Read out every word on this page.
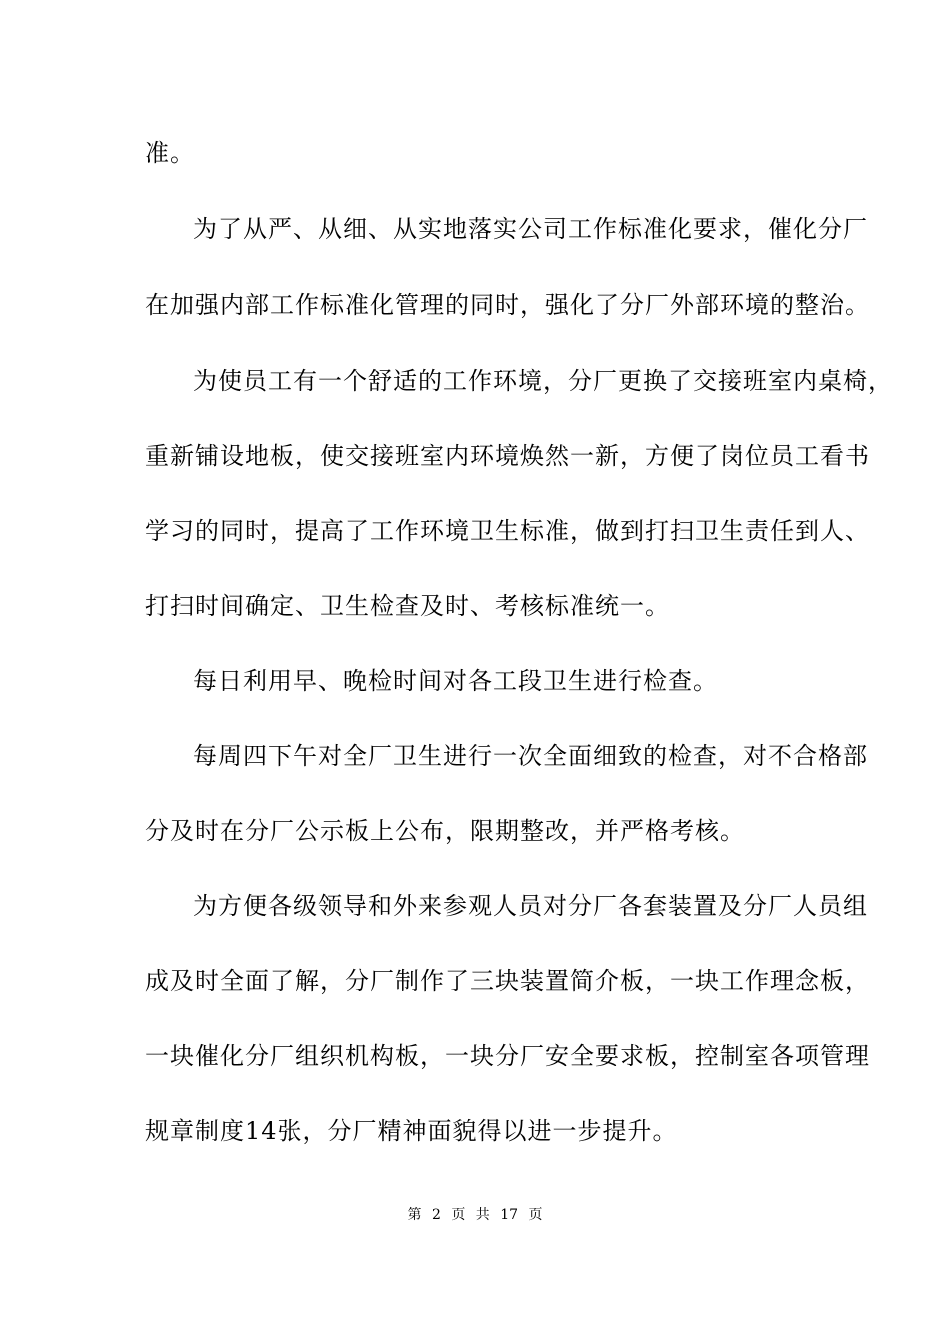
准。
为了从严、从细、从实地落实公司工作标准化要求，催化分厂
在加强内部工作标准化管理的同时，强化了分厂外部环境的整治。
为使员工有一个舒适的工作环境，分厂更换了交接班室内桌椅，
重新铺设地板，使交接班室内环境焕然一新，方便了岗位员工看书
学习的同时，提高了工作环境卫生标准，做到打扫卫生责任到人、
打扫时间确定、卫生检查及时、考核标准统一。
每日利用早、晚检时间对各工段卫生进行检查。
每周四下午对全厂卫生进行一次全面细致的检查，对不合格部
分及时在分厂公示板上公布，限期整改，并严格考核。
为方便各级领导和外来参观人员对分厂各套装置及分厂人员组
成及时全面了解，分厂制作了三块装置简介板，一块工作理念板，
一块催化分厂组织机构板，一块分厂安全要求板，控制室各项管理
规章制度14张，分厂精神面貌得以进一步提升。
第 2 页 共 17 页
